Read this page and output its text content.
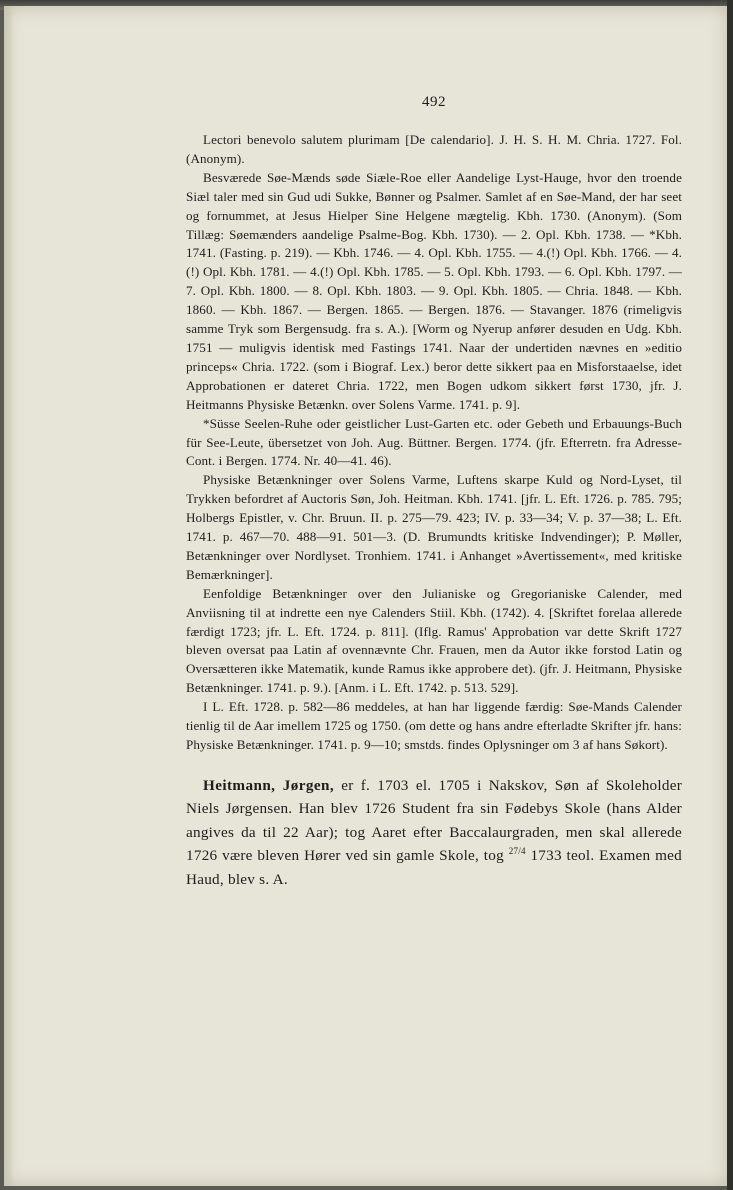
492

Lectori benevolo salutem plurimam [De calendario]. J. H. S. H. M. Chria. 1727. Fol. (Anonym).

Besværede Søe-Mænds søde Siæle-Roe eller Aandelige Lyst-Hauge, hvor den troende Siæl taler med sin Gud udi Sukke, Bønner og Psalmer. Samlet af en Søe-Mand, der har seet og fornummet, at Jesus Hielper Sine Helgene mægtelig. Kbh. 1730. (Anonym). (Som Tillæg: Søemænders aandelige Psalme-Bog. Kbh. 1730). — 2. Opl. Kbh. 1738. — *Kbh. 1741. (Fasting. p. 219). — Kbh. 1746. — 4. Opl. Kbh. 1755. — 4.(!) Opl. Kbh. 1766. — 4.(!) Opl. Kbh. 1781. — 4.(!) Opl. Kbh. 1785. — 5. Opl. Kbh. 1793. — 6. Opl. Kbh. 1797. — 7. Opl. Kbh. 1800. — 8. Opl. Kbh. 1803. — 9. Opl. Kbh. 1805. — Chria. 1848. — Kbh. 1860. — Kbh. 1867. — Bergen. 1865. — Bergen. 1876. — Stavanger. 1876 (rimeligvis samme Tryk som Bergensudg. fra s. A.). [Worm og Nyerup anfører desuden en Udg. Kbh. 1751 — muligvis identisk med Fastings 1741. Naar der undertiden nævnes en »editio princeps« Chria. 1722. (som i Biograf. Lex.) beror dette sikkert paa en Misforstaaelse, idet Approbationen er dateret Chria. 1722, men Bogen udkom sikkert først 1730, jfr. J. Heitmanns Physiske Betænkn. over Solens Varme. 1741. p. 9].

*Süsse Seelen-Ruhe oder geistlicher Lust-Garten etc. oder Gebeth und Erbauungs-Buch für See-Leute, übersetzet von Joh. Aug. Büttner. Bergen. 1774. (jfr. Efterretn. fra Adresse-Cont. i Bergen. 1774. Nr. 40—41. 46).

Physiske Betænkninger over Solens Varme, Luftens skarpe Kuld og Nord-Lyset, til Trykken befordret af Auctoris Søn, Joh. Heitman. Kbh. 1741. [jfr. L. Eft. 1726. p. 785. 795; Holbergs Epistler, v. Chr. Bruun. II. p. 275—79. 423; IV. p. 33—34; V. p. 37—38; L. Eft. 1741. p. 467—70. 488—91. 501—3. (D. Brumundts kritiske Indvendinger); P. Møller, Betænkninger over Nordlyset. Tronhiem. 1741. i Anhanget »Avertissement«, med kritiske Bemærkninger].

Eenfoldige Betænkninger over den Julianiske og Gregorianiske Calender, med Anviisning til at indrette een nye Calenders Stiil. Kbh. (1742). 4. [Skriftet forelaa allerede færdigt 1723; jfr. L. Eft. 1724. p. 811]. (Iflg. Ramus' Approbation var dette Skrift 1727 bleven oversat paa Latin af ovennævnte Chr. Frauen, men da Autor ikke forstod Latin og Oversætteren ikke Matematik, kunde Ramus ikke approbere det). (jfr. J. Heitmann, Physiske Betænkninger. 1741. p. 9.). [Anm. i L. Eft. 1742. p. 513. 529].

I L. Eft. 1728. p. 582—86 meddeles, at han har liggende færdig: Søe-Mands Calender tienlig til de Aar imellem 1725 og 1750. (om dette og hans andre efterladte Skrifter jfr. hans: Physiske Betænkninger. 1741. p. 9—10; smstds. findes Oplysninger om 3 af hans Søkort).

Heitmann, Jørgen, er f. 1703 el. 1705 i Nakskov, Søn af Skoleholder Niels Jørgensen. Han blev 1726 Student fra sin Fødebys Skole (hans Alder angives da til 22 Aar); tog Aaret efter Baccalaurgraden, men skal allerede 1726 være bleven Hører ved sin gamle Skole, tog $^{27/4}$ 1733 teol. Examen med Haud, blev s. A.
